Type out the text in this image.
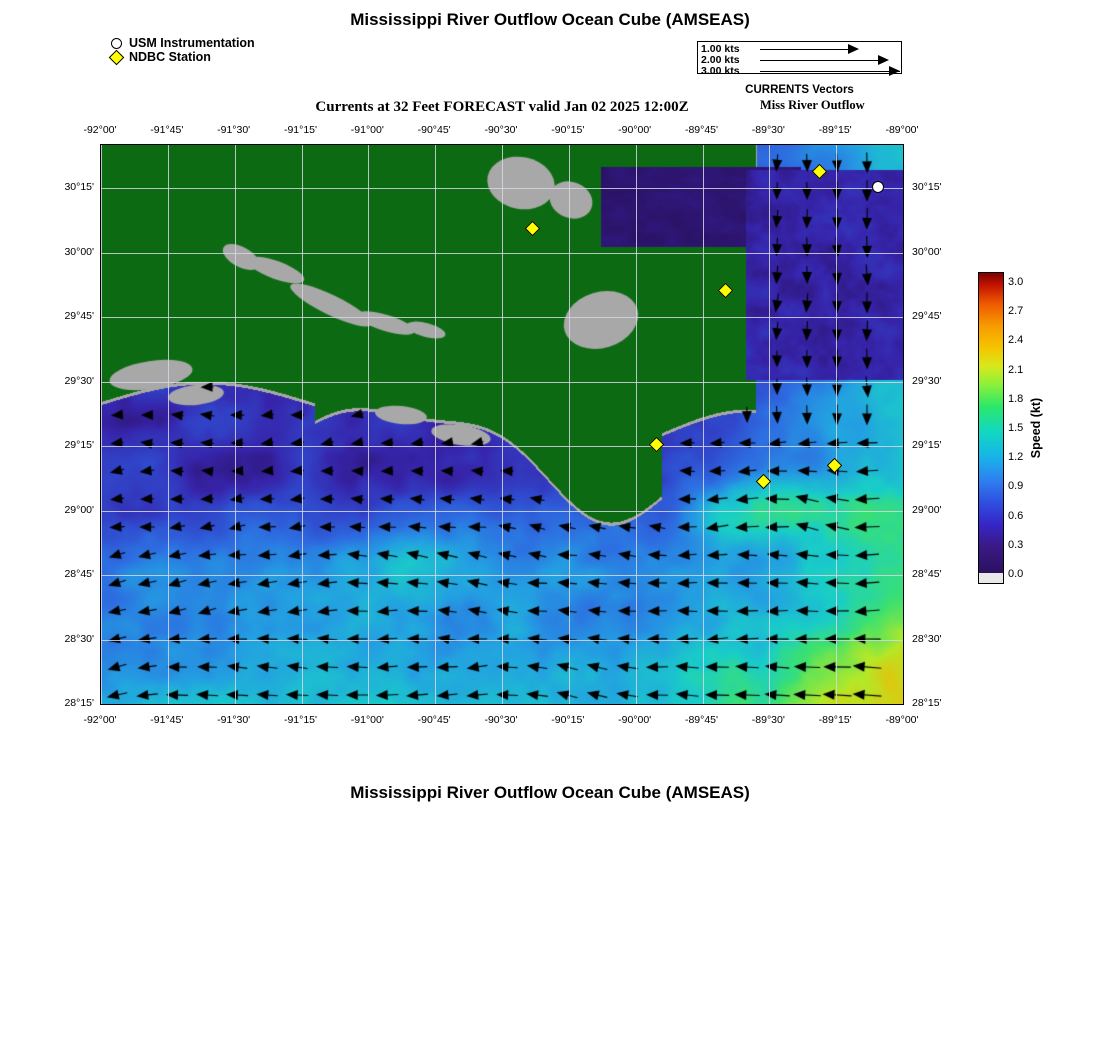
Mississippi River Outflow Ocean Cube (AMSEAS)
Currents at 32 Feet FORECAST valid Jan 02 2025 12:00Z
Mississippi River Outflow Ocean Cube (AMSEAS)
Miss River Outflow
USM Instrumentation
NDBC Station
1.00 kts
2.00 kts
3.00 kts
CURRENTS Vectors
-92°00'
-92°00'
-91°45'
-91°45'
-91°30'
-91°30'
-91°15'
-91°15'
-91°00'
-91°00'
-90°45'
-90°45'
-90°30'
-90°30'
-90°15'
-90°15'
-90°00'
-90°00'
-89°45'
-89°45'
-89°30'
-89°30'
-89°15'
-89°15'
-89°00'
-89°00'
30°15'	30°15'
30°00'	30°00'
29°45'	29°45'
29°30'	29°30'
29°15'	29°15'
29°00'	29°00'
28°45'	28°45'
28°30'	28°30'
28°15'	28°15'
3.0
2.7
2.4
2.1
1.8
1.5
1.2
0.9
0.6
0.3
0.0
Speed (kt)
